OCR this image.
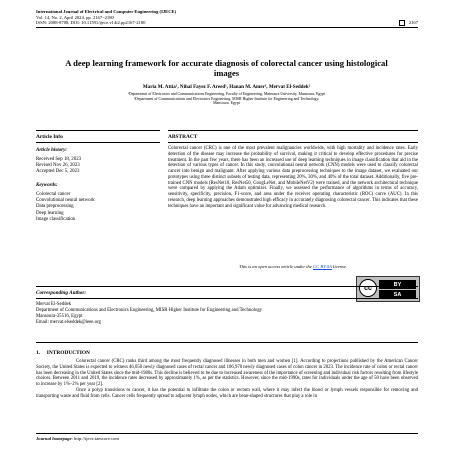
International Journal of Electrical and Computer Engineering (IJECE)
Vol. 14, No. 2, April 2024, pp. 2167~2180
ISSN: 2088-8708, DOI: 10.11591/ijece.v14i2.pp2167-2180	2167
A deep learning framework for accurate diagnosis of colorectal cancer using histological images
Maria M. Attia¹, Nihal Fayez F. Areed¹, Hanan M. Amer¹, Mervat El-Seddek²
¹Department of Electronics and Communications Engineering, Faculty of Engineering, Mansoura University, Mansoura, Egypt
²Department of Communications and Electronics Engineering, MISR Higher Institute for Engineering and Technology,
Mansoura, Egypt
Article Info
Article history:
Received Sep 18, 2023
Revised Nov 26, 2023
Accepted Dec 5, 2023
Keywords:
Colorectal cancer
Convolutional neural network
Data preprocessing
Deep learning
Image classification
ABSTRACT
Colorectal cancer (CRC) is one of the most prevalent malignancies worldwide, with high mortality and incidence rates. Early detection of the disease may increase the probability of survival, making it critical to develop effective procedures for precise treatment. In the past few years, there has been an increased use of deep learning techniques in image classification that aid in the detection of various types of cancer. In this study, convolutional neural network (CNN) models were used to classify colorectal cancer into benign and malignant. After applying various data preprocessing techniques to the image dataset, we evaluated our prototypes using three distinct subsets of testing data, representing 20%, 30%, and 40% of the total dataset. Additionally, five pre-trained CNN models (ResNet18, ResNet50, GoogLeNet, and MobileNetV2) were trained, and the network architectural technique were compared by applying the Adam optimizer. Finally, we assessed the performance of algorithms in terms of accuracy, sensitivity, specificity, precision, F1-score, and area under the receiver operating characteristic (ROC) curve (AUC). In this research, deep learning approaches demonstrated high efficacy in accurately diagnosing colorectal cancer. This indicates that these techniques have an important and significant value for advancing medical research.
This is an open access article under the CC BY-SA license.
cc	BY
SA
Corresponding Author:
Mervat El-Seddek
Department of Communications and Electronics Engineering, MISR Higher Institute for Engineering and Technology
Mansoura-35516, Egypt
Email: mervat.elseddek@ieee.org
1.     INTRODUCTION

Colorectal cancer (CRC) ranks third among the most frequently diagnosed illnesses in both men and women [1]. According to projections published by the American Cancer Society, the United States is expected to witness 46,050 newly diagnosed cases of rectal cancer and 106,970 newly diagnosed cases of colon cancer in 2023. The incidence rate of colon or rectal cancer has been decreasing in the United States since the mid-1980s. This decline is believed to be due to increased awareness of the importance of screening and individual risk factors resulting from lifestyle choices. Between 2011 and 2019, the incidence rates decreased by approximately 1%, as per the statistics. However, since the mid-1990s, rates for individuals under the age of 50 have been observed to increase by 1%–2% per year [2].

Once a polyp transitions to cancer, it has the potential to infiltrate the colon or rectum wall, where it may infect the blood or lymph vessels responsible for removing and transporting waste and fluid from cells. Cancer cells frequently spread to adjacent lymph nodes, which are bean-shaped structures that play a role in

Journal homepage: http://ijece.iaescore.com
